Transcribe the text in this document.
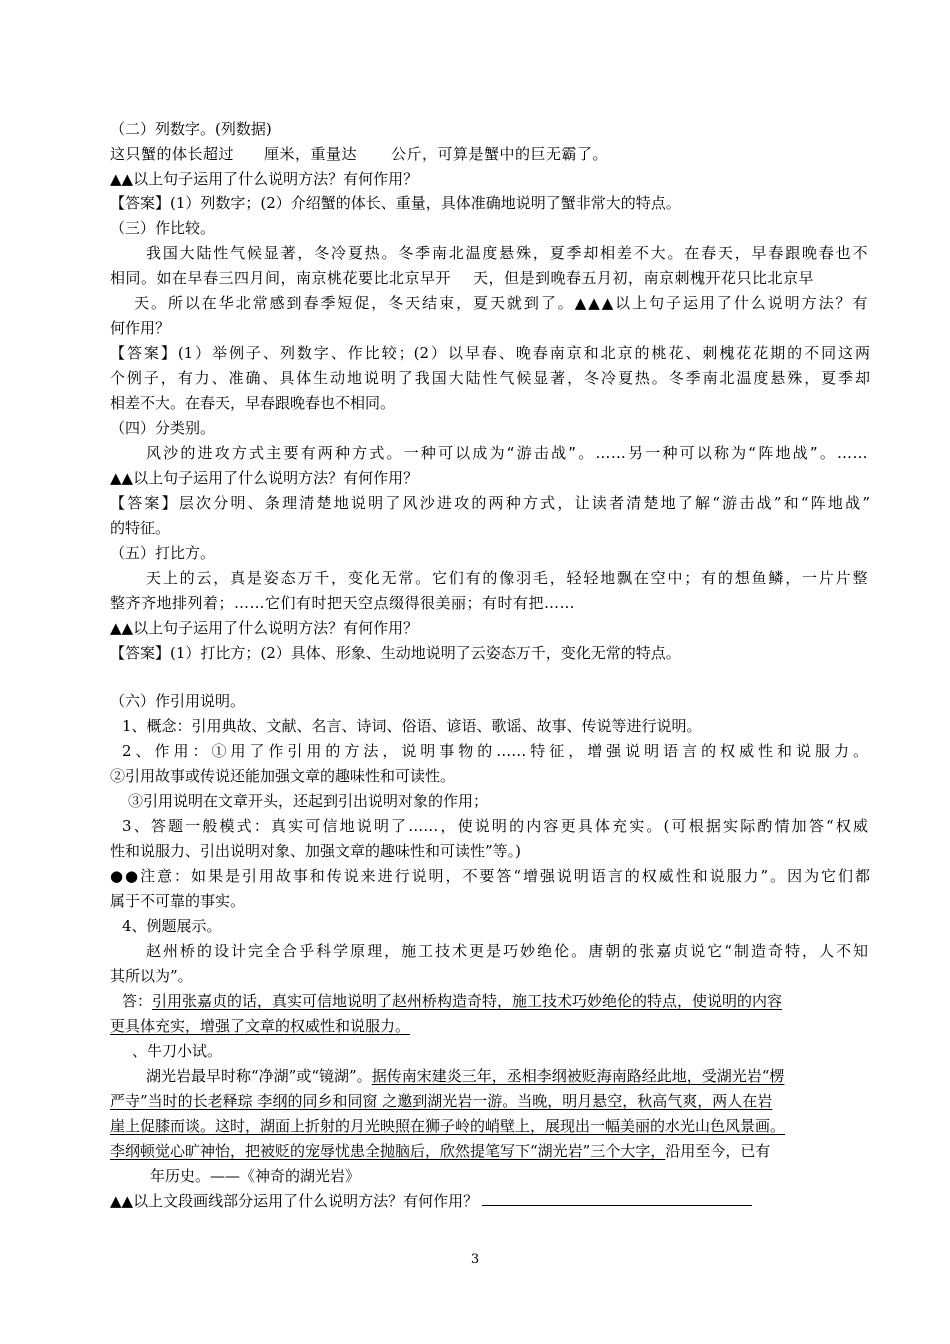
（二）列数字。(列数据)
这只蟹的体长超过 厘米，重量达 公斤，可算是蟹中的巨无霸了。
▲▲以上句子运用了什么说明方法？有何作用？
【答案】(1）列数字；(2）介绍蟹的体长、重量，具体准确地说明了蟹非常大的特点。
（三）作比较。
我国大陆性气候显著，冬冷夏热。冬季南北温度悬殊，夏季却相差不大。在春天，早春跟晚春也不
相同。如在早春三四月间，南京桃花要比北京早开 天，但是到晚春五月初，南京刺槐开花只比北京早
天。所以在华北常感到春季短促，冬天结束，夏天就到了。▲▲▲以上句子运用了什么说明方法？有
何作用？
【答案】(1）举例子、列数字、作比较；(2）以早春、晚春南京和北京的桃花、刺槐花花期的不同这两
个例子，有力、准确、具体生动地说明了我国大陆性气候显著，冬冷夏热。冬季南北温度悬殊，夏季却
相差不大。在春天，早春跟晚春也不相同。
（四）分类别。
风沙的进攻方式主要有两种方式。一种可以成为“游击战”。……另一种可以称为“阵地战”。……
▲▲以上句子运用了什么说明方法？有何作用？
【答案】层次分明、条理清楚地说明了风沙进攻的两种方式，让读者清楚地了解“游击战”和“阵地战”
的特征。
（五）打比方。
天上的云，真是姿态万千，变化无常。它们有的像羽毛，轻轻地飘在空中；有的想鱼鳞，一片片整
整齐齐地排列着；……它们有时把天空点缀得很美丽；有时有把……
▲▲以上句子运用了什么说明方法？有何作用？
【答案】(1）打比方；(2）具体、形象、生动地说明了云姿态万千，变化无常的特点。
（六）作引用说明。
1、概念：引用典故、文献、名言、诗词、俗语、谚语、歌谣、故事、传说等进行说明。
2、作用：①用了作引用的方法，说明事物的……特征，增强说明语言的权威性和说服力。
②引用故事或传说还能加强文章的趣味性和可读性。
③引用说明在文章开头，还起到引出说明对象的作用；
3、答题一般模式：真实可信地说明了……，使说明的内容更具体充实。(可根据实际酌情加答“权威
性和说服力、引出说明对象、加强文章的趣味性和可读性”等。)
●●注意：如果是引用故事和传说来进行说明，不要答“增强说明语言的权威性和说服力”。因为它们都
属于不可靠的事实。
4、例题展示。
赵州桥的设计完全合乎科学原理，施工技术更是巧妙绝伦。唐朝的张嘉贞说它“制造奇特，人不知
其所以为”。
答：引用张嘉贞的话，真实可信地说明了赵州桥构造奇特，施工技术巧妙绝伦的特点，使说明的内容
更具体充实，增强了文章的权威性和说服力。
、牛刀小试。
湖光岩最早时称“净湖”或“镜湖”。据传南宋建炎三年，丞相李纲被贬海南路经此地，受湖光岩“楞
严寺”当时的长老释琮 李纲的同乡和同窗 之邀到湖光岩一游。当晚，明月悬空，秋高气爽，两人在岩
崖上促膝而谈。这时，湖面上折射的月光映照在狮子岭的峭壁上，展现出一幅美丽的水光山色风景画。
李纲顿觉心旷神怡，把被贬的宠辱忧患全抛脑后，欣然提笔写下“湖光岩”三个大字，沿用至今，已有
年历史。——《神奇的湖光岩》
▲▲以上文段画线部分运用了什么说明方法？有何作用？
3
